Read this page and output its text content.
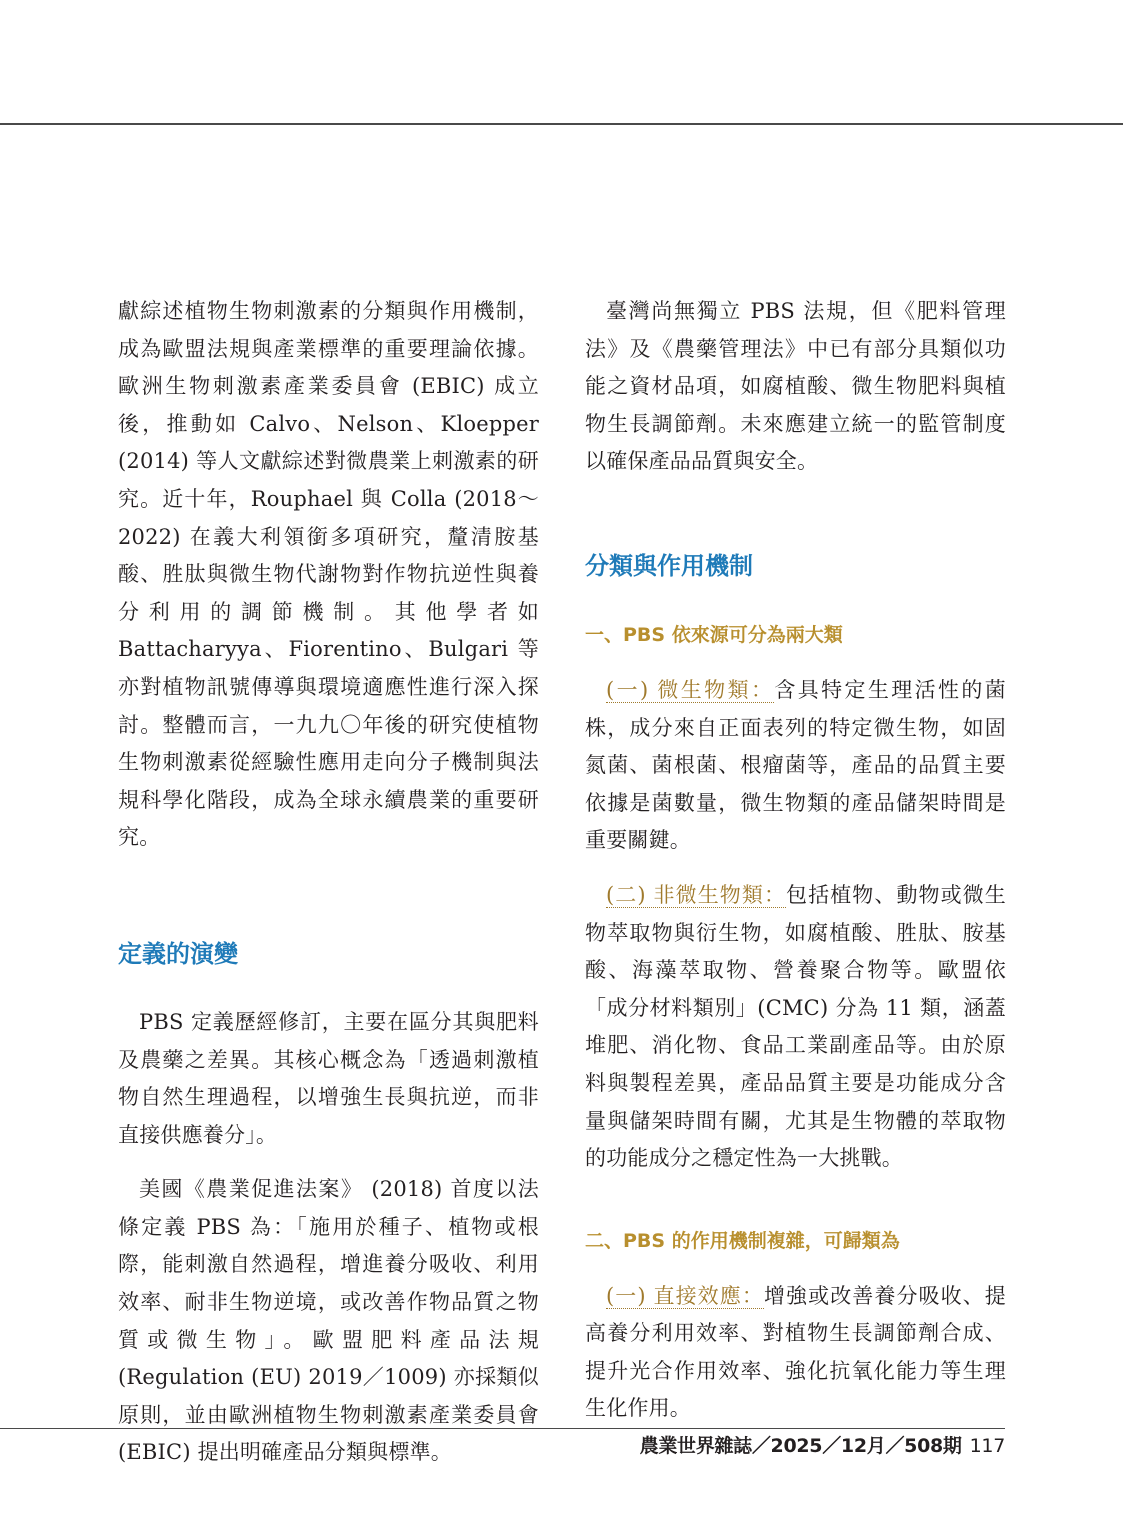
獻綜述植物生物刺激素的分類與作用機制，成為歐盟法規與產業標準的重要理論依據。歐洲生物刺激素產業委員會 (EBIC) 成立後，推動如 Calvo、Nelson、Kloepper (2014) 等人文獻綜述對微農業上刺激素的研究。近十年，Rouphael 與 Colla (2018～2022) 在義大利領銜多項研究，釐清胺基酸、胜肽與微生物代謝物對作物抗逆性與養分利用的調節機制。其他學者如 Battacharyya、Fiorentino、Bulgari 等亦對植物訊號傳導與環境適應性進行深入探討。整體而言，一九九〇年後的研究使植物生物刺激素從經驗性應用走向分子機制與法規科學化階段，成為全球永續農業的重要研究。

定義的演變

PBS 定義歷經修訂，主要在區分其與肥料及農藥之差異。其核心概念為「透過刺激植物自然生理過程，以增強生長與抗逆，而非直接供應養分」。

美國《農業促進法案》 (2018) 首度以法條定義 PBS 為：「施用於種子、植物或根際，能刺激自然過程，增進養分吸收、利用效率、耐非生物逆境，或改善作物品質之物質或微生物」。歐盟肥料產品法規 (Regulation (EU) 2019／1009) 亦採類似原則，並由歐洲植物生物刺激素產業委員會 (EBIC) 提出明確產品分類與標準。

臺灣尚無獨立 PBS 法規，但《肥料管理法》及《農藥管理法》中已有部分具類似功能之資材品項，如腐植酸、微生物肥料與植物生長調節劑。未來應建立統一的監管制度以確保產品品質與安全。

分類與作用機制
一、PBS 依來源可分為兩大類

(一) 微生物類：含具特定生理活性的菌株，成分來自正面表列的特定微生物，如固氮菌、菌根菌、根瘤菌等，產品的品質主要依據是菌數量，微生物類的產品儲架時間是重要關鍵。

(二) 非微生物類：包括植物、動物或微生物萃取物與衍生物，如腐植酸、胜肽、胺基酸、海藻萃取物、營養聚合物等。歐盟依「成分材料類別」(CMC) 分為 11 類，涵蓋堆肥、消化物、食品工業副產品等。由於原料與製程差異，產品品質主要是功能成分含量與儲架時間有關，尤其是生物體的萃取物的功能成分之穩定性為一大挑戰。

二、PBS 的作用機制複雜，可歸類為

(一) 直接效應：增強或改善養分吸收、提高養分利用效率、對植物生長調節劑合成、提升光合作用效率、強化抗氧化能力等生理生化作用。

農業世界雜誌／2025／12月／508期 117
